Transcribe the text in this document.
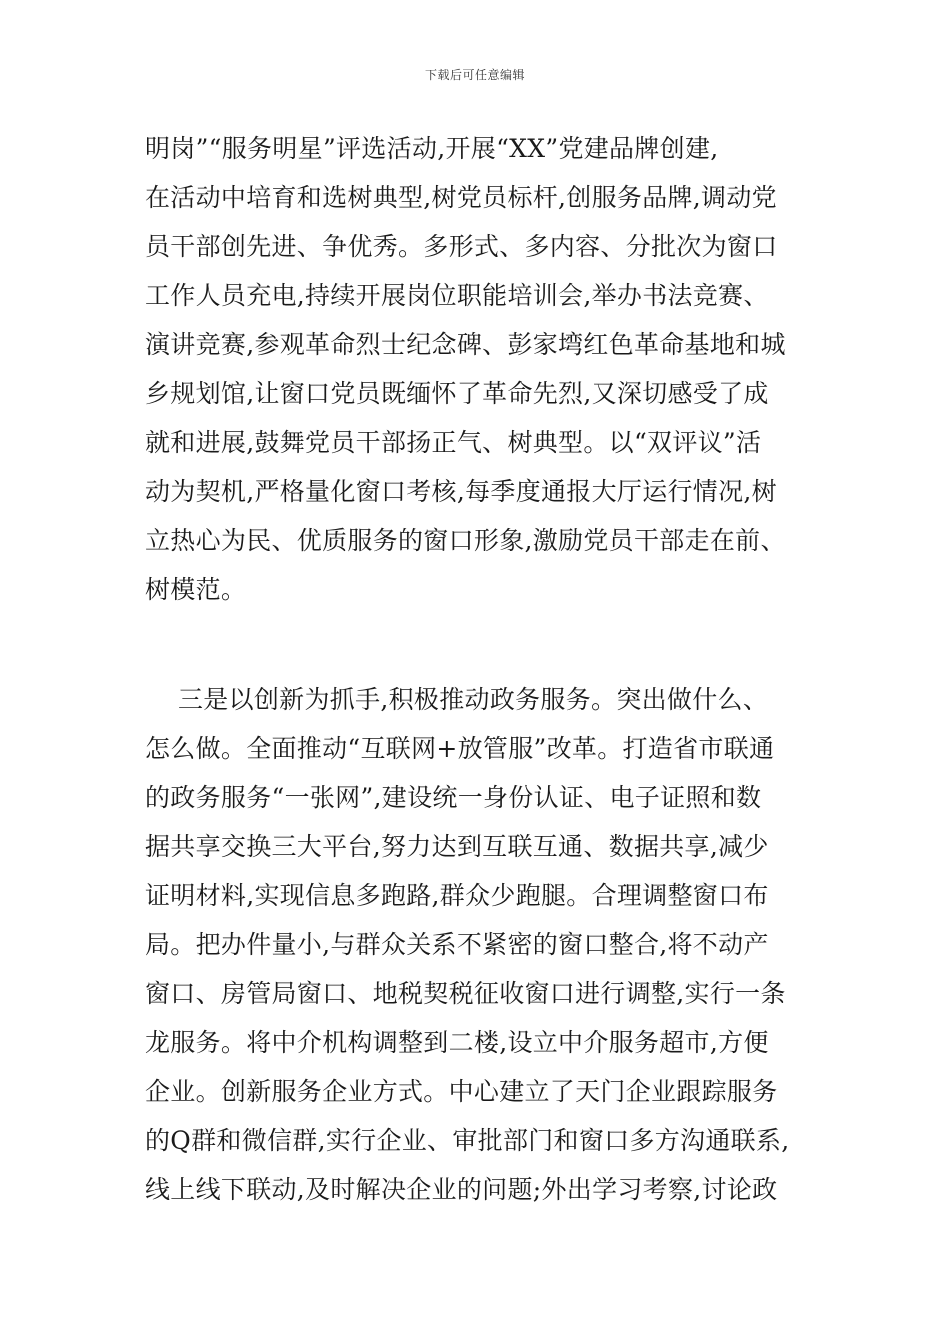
下载后可任意编辑
明岗”“服务明星”评选活动,开展“XX”党建品牌创建,
在活动中培育和选树典型,树党员标杆,创服务品牌,调动党
员干部创先进、争优秀。多形式、多内容、分批次为窗口
工作人员充电,持续开展岗位职能培训会,举办书法竞赛、
演讲竞赛,参观革命烈士纪念碑、彭家塆红色革命基地和城
乡规划馆,让窗口党员既缅怀了革命先烈,又深切感受了成
就和进展,鼓舞党员干部扬正气、树典型。以“双评议”活
动为契机,严格量化窗口考核,每季度通报大厅运行情况,树
立热心为民、优质服务的窗口形象,激励党员干部走在前、
树模范。
三是以创新为抓手,积极推动政务服务。突出做什么、
怎么做。全面推动“互联网+放管服”改革。打造省市联通
的政务服务“一张网”,建设统一身份认证、电子证照和数
据共享交换三大平台,努力达到互联互通、数据共享,减少
证明材料,实现信息多跑路,群众少跑腿。合理调整窗口布
局。把办件量小,与群众关系不紧密的窗口整合,将不动产
窗口、房管局窗口、地税契税征收窗口进行调整,实行一条
龙服务。将中介机构调整到二楼,设立中介服务超市,方便
企业。创新服务企业方式。中心建立了天门企业跟踪服务
的Q群和微信群,实行企业、审批部门和窗口多方沟通联系,
线上线下联动,及时解决企业的问题;外出学习考察,讨论政
